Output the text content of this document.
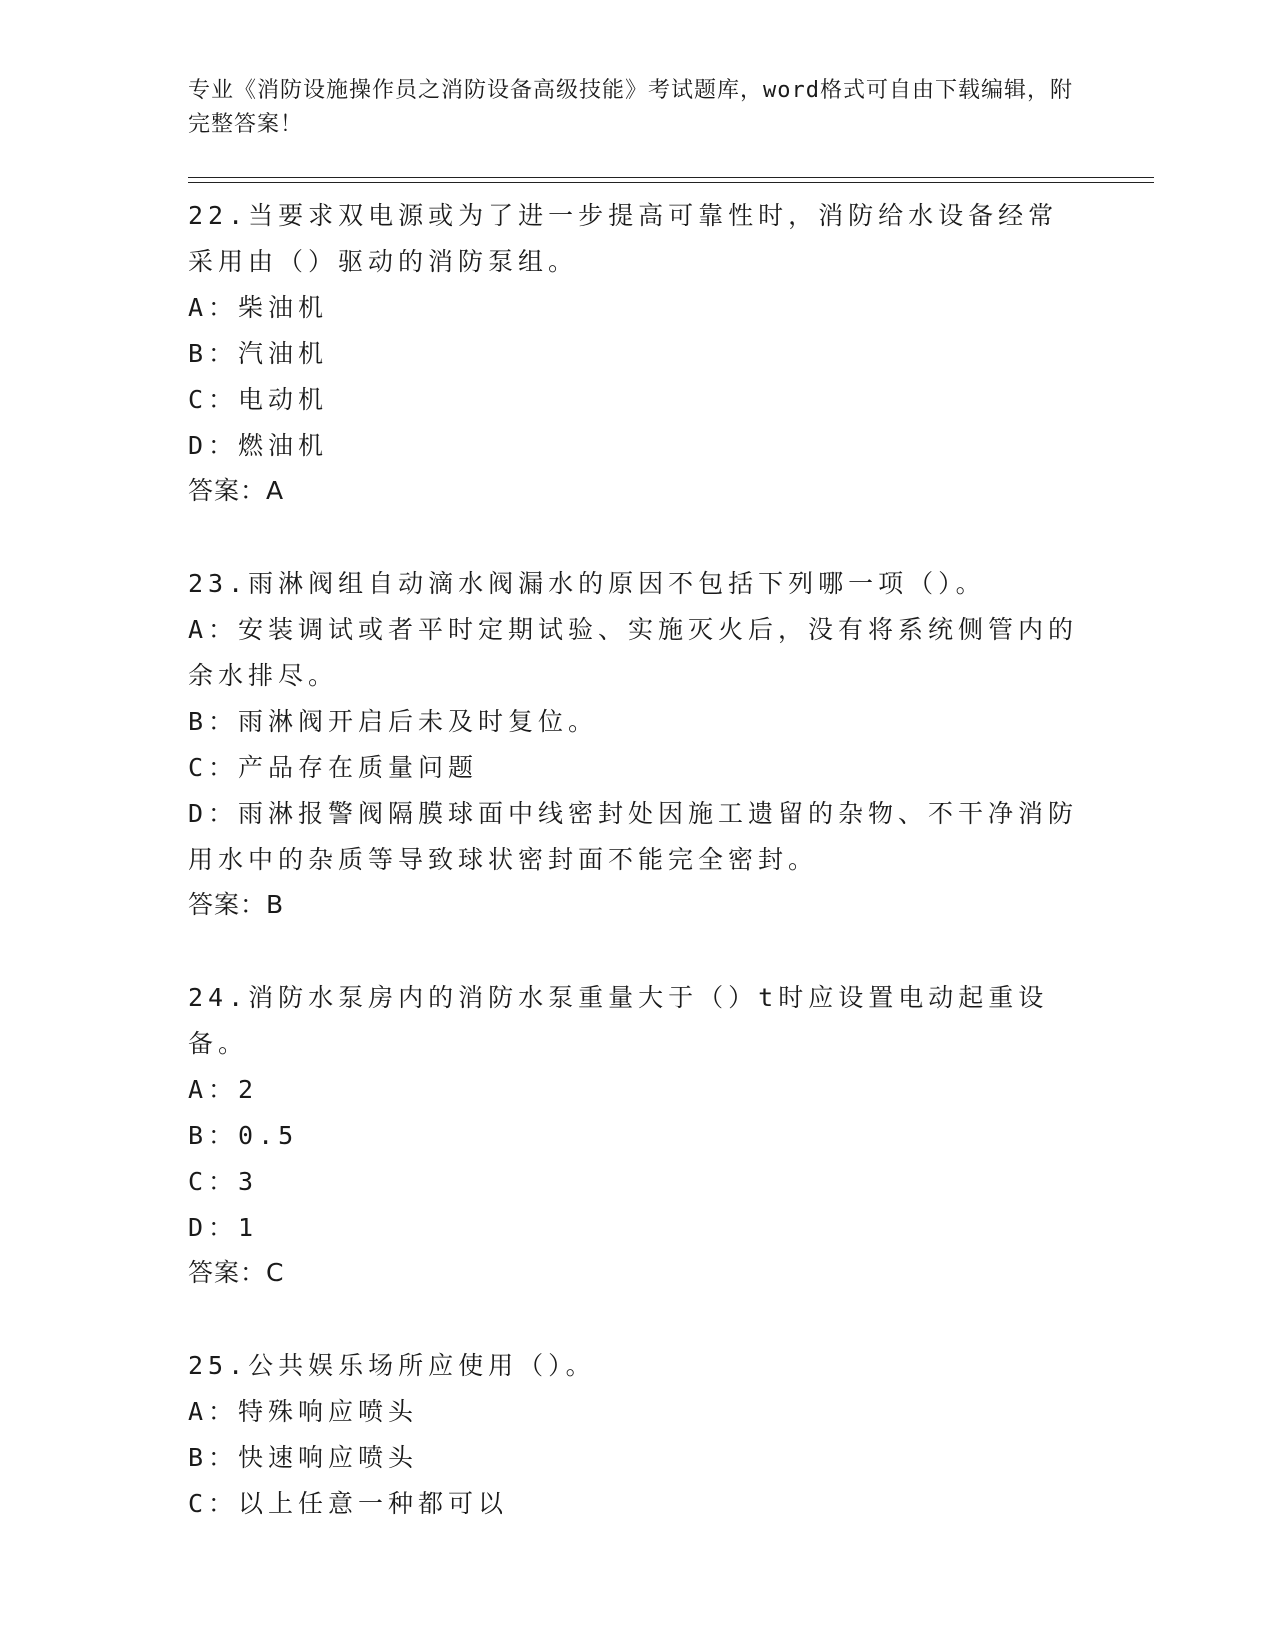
专业《消防设施操作员之消防设备高级技能》考试题库，word格式可自由下载编辑，附完整答案！

22.当要求双电源或为了进一步提高可靠性时，消防给水设备经常采用由（）驱动的消防泵组。

A：柴油机

B：汽油机

C：电动机

D：燃油机

答案：A

23.雨淋阀组自动滴水阀漏水的原因不包括下列哪一项（）。

A：安装调试或者平时定期试验、实施灭火后，没有将系统侧管内的余水排尽。

B：雨淋阀开启后未及时复位。

C：产品存在质量问题

D：雨淋报警阀隔膜球面中线密封处因施工遗留的杂物、不干净消防用水中的杂质等导致球状密封面不能完全密封。

答案：B

24.消防水泵房内的消防水泵重量大于（）t时应设置电动起重设备。

A：2

B：0.5

C：3

D：1

答案：C

25.公共娱乐场所应使用（）。

A：特殊响应喷头

B：快速响应喷头

C：以上任意一种都可以
